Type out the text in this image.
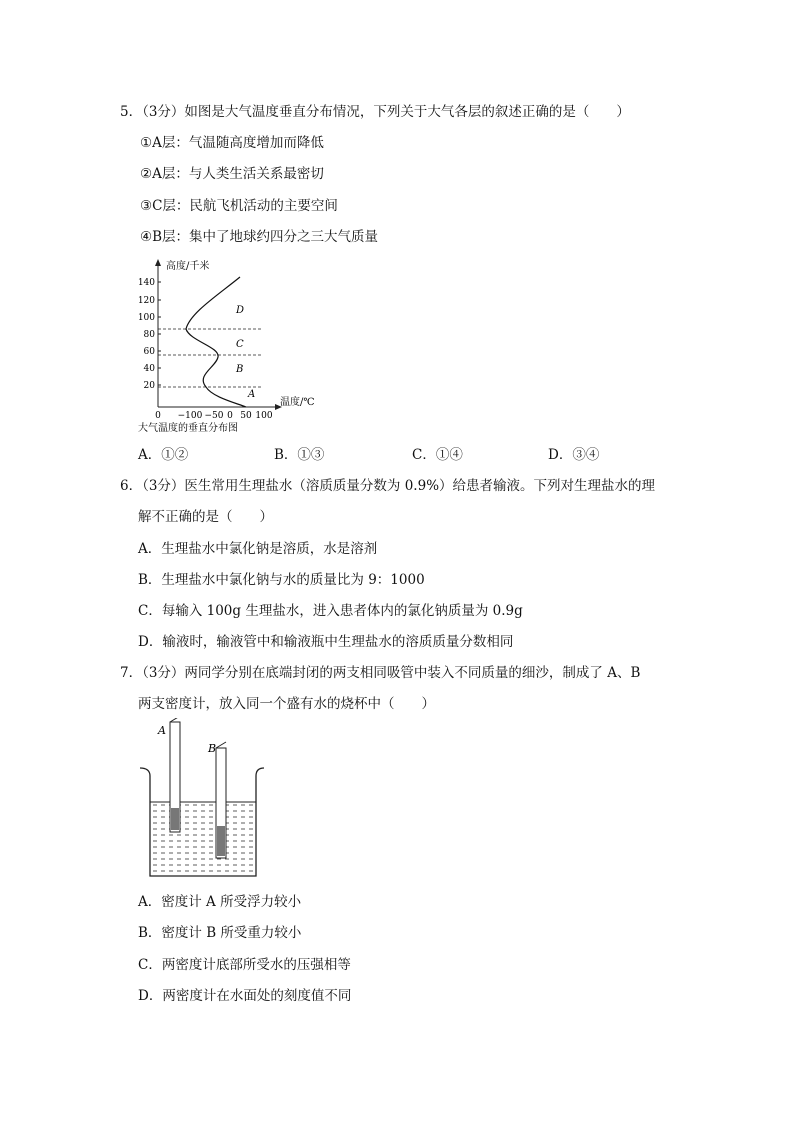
5．（3分）如图是大气温度垂直分布情况，下列关于大气各层的叙述正确的是（　　）
①A层：气温随高度增加而降低
②A层：与人类生活关系最密切
③C层：民航飞机活动的主要空间
④B层：集中了地球约四分之三大气质量
高度/千米
温度/℃
140
120
100
80
60
40
20
0 −100 −50 0 50 100
D
C
B
A
大气温度的垂直分布图
A．①②	B．①③	C．①④	D．③④
6．（3分）医生常用生理盐水（溶质质量分数为 0.9%）给患者输液。下列对生理盐水的理
解不正确的是（　　）
A．生理盐水中氯化钠是溶质，水是溶剂
B．生理盐水中氯化钠与水的质量比为 9：1000
C．每输入 100g 生理盐水，进入患者体内的氯化钠质量为 0.9g
D．输液时，输液管中和输液瓶中生理盐水的溶质质量分数相同
7．（3分）两同学分别在底端封闭的两支相同吸管中装入不同质量的细沙，制成了 A、B
两支密度计，放入同一个盛有水的烧杯中（　　）
A
B
A．密度计 A 所受浮力较小
B．密度计 B 所受重力较小
C．两密度计底部所受水的压强相等
D．两密度计在水面处的刻度值不同
